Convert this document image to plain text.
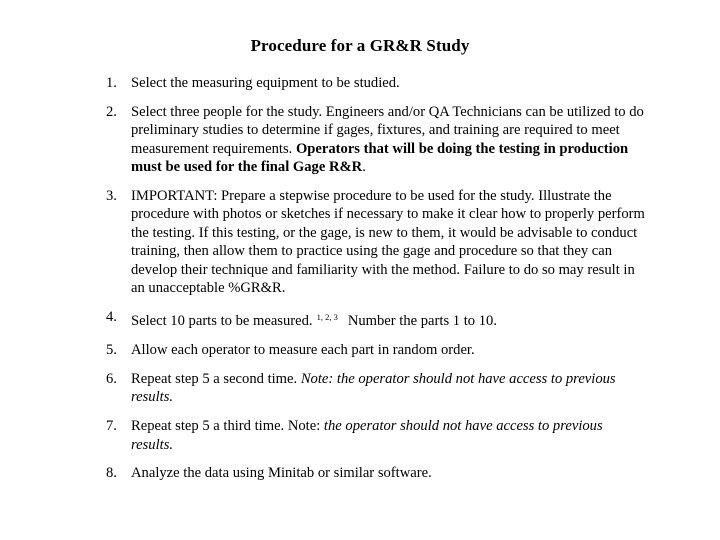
Procedure for a GR&R Study
1. Select the measuring equipment to be studied.
2. Select three people for the study. Engineers and/or QA Technicians can be utilized to do preliminary studies to determine if gages, fixtures, and training are required to meet measurement requirements. Operators that will be doing the testing in production must be used for the final Gage R&R.
3. IMPORTANT: Prepare a stepwise procedure to be used for the study. Illustrate the procedure with photos or sketches if necessary to make it clear how to properly perform the testing. If this testing, or the gage, is new to them, it would be advisable to conduct training, then allow them to practice using the gage and procedure so that they can develop their technique and familiarity with the method. Failure to do so may result in an unacceptable %GR&R.
4. Select 10 parts to be measured. $^{1, 2, 3}$ Number the parts 1 to 10.
5. Allow each operator to measure each part in random order.
6. Repeat step 5 a second time. Note: the operator should not have access to previous results.
7. Repeat step 5 a third time. Note: the operator should not have access to previous results.
8. Analyze the data using Minitab or similar software.
